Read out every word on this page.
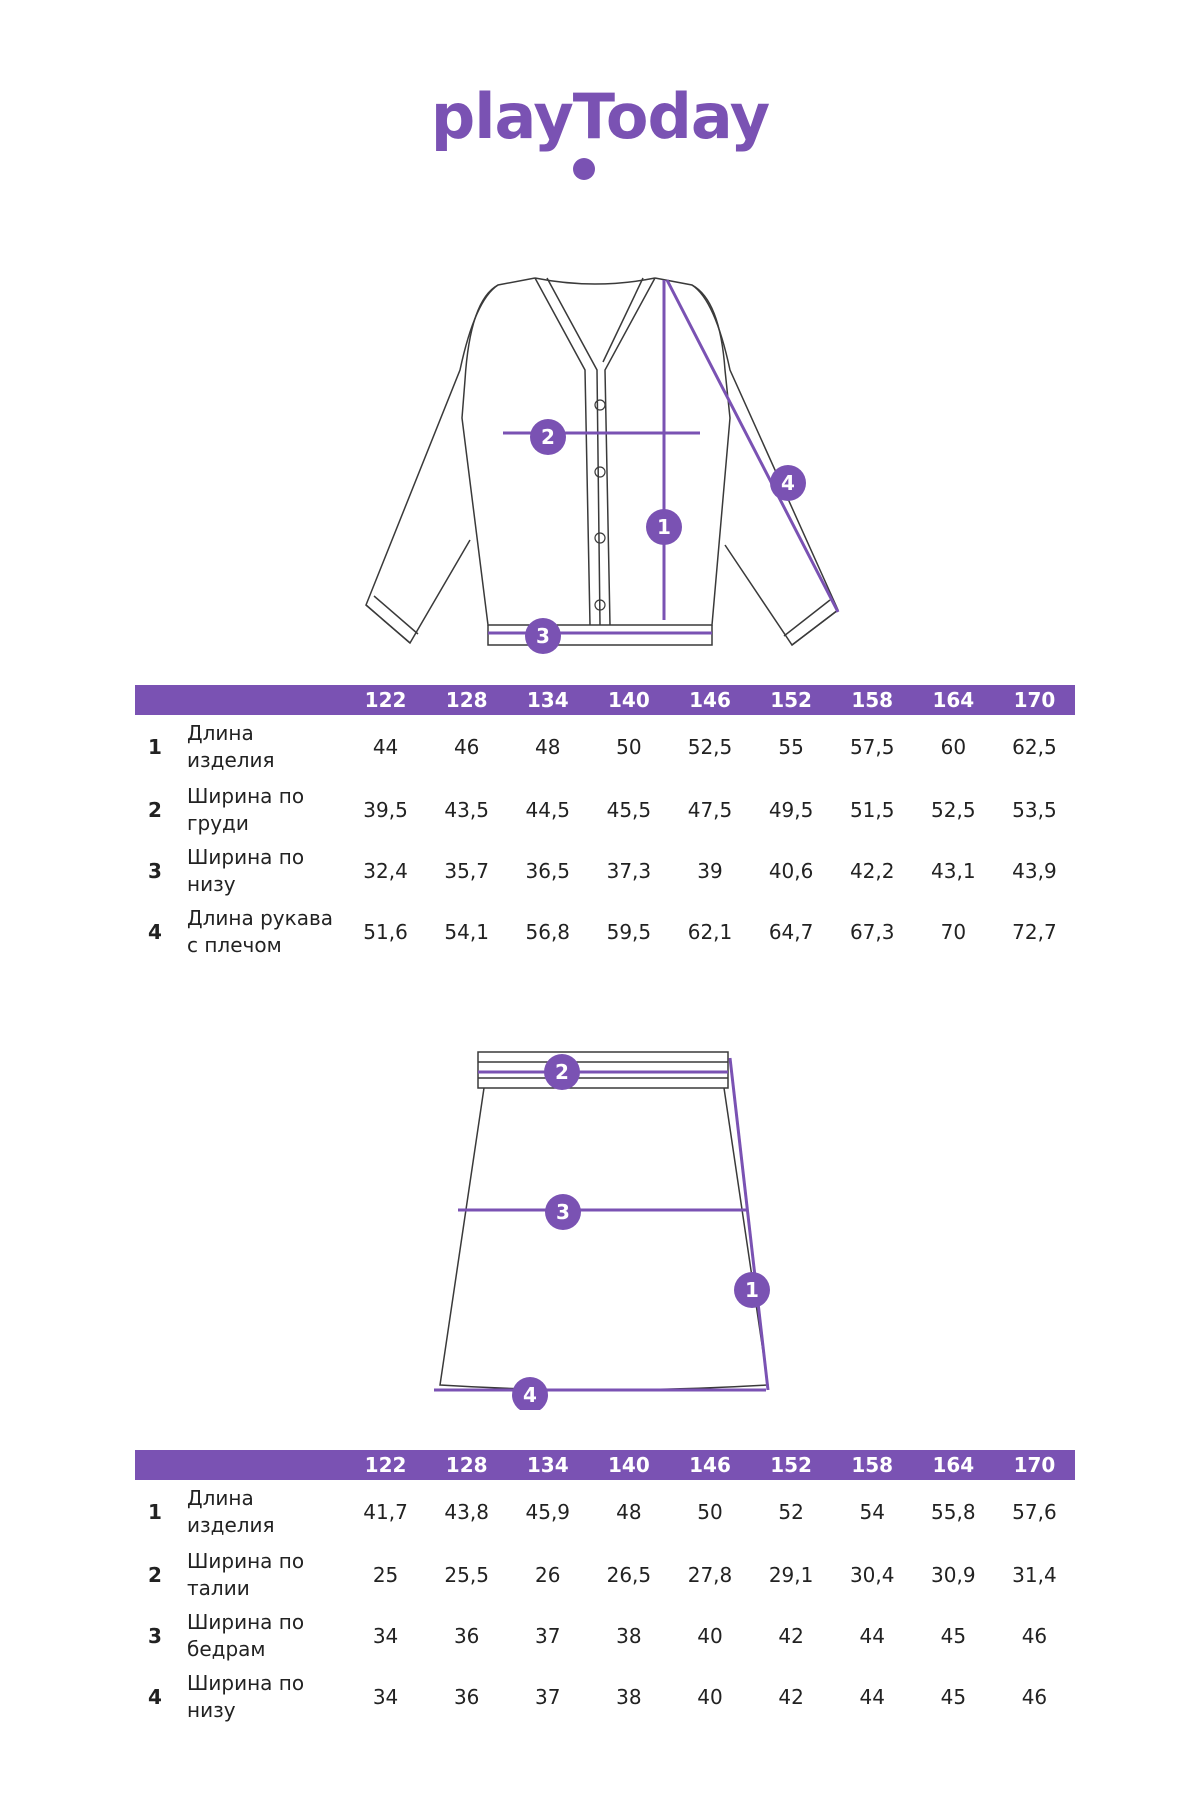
playToday
1
2
3
4
		122	128	134	140	146	152	158	164	170
1	Длина изделия	44	46	48	50	52,5	55	57,5	60	62,5
2	Ширина по груди	39,5	43,5	44,5	45,5	47,5	49,5	51,5	52,5	53,5
3	Ширина по низу	32,4	35,7	36,5	37,3	39	40,6	42,2	43,1	43,9
4	Длина рукава с плечом	51,6	54,1	56,8	59,5	62,1	64,7	67,3	70	72,7
1
2
3
4
		122	128	134	140	146	152	158	164	170
1	Длина изделия	41,7	43,8	45,9	48	50	52	54	55,8	57,6
2	Ширина по талии	25	25,5	26	26,5	27,8	29,1	30,4	30,9	31,4
3	Ширина по бедрам	34	36	37	38	40	42	44	45	46
4	Ширина по низу	34	36	37	38	40	42	44	45	46
